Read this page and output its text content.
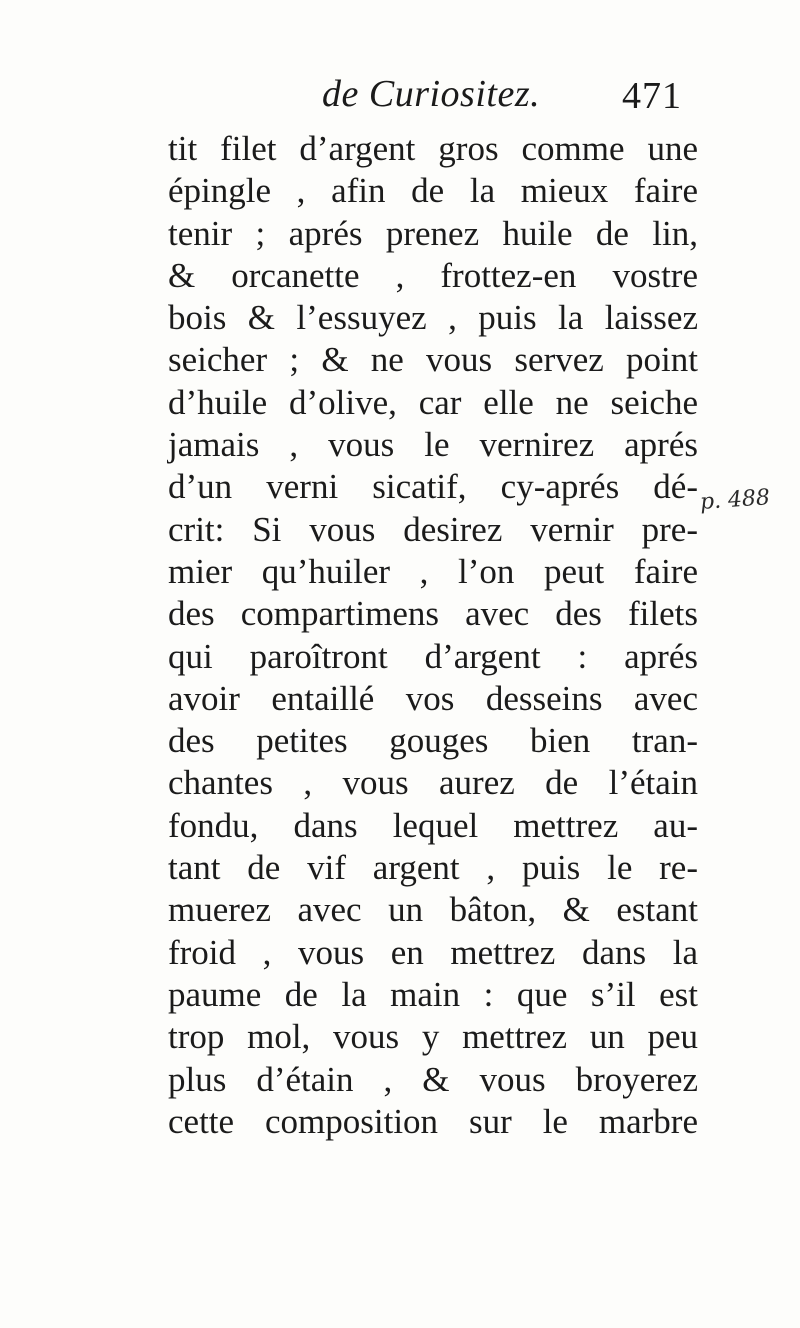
de Curiositez. 471
tit filet d’argent gros comme une
épingle , afin de la mieux faire
tenir ; aprés prenez huile de lin,
& orcanette , frottez-en vostre
bois & l’essuyez , puis la laissez
seicher ; & ne vous servez point
d’huile d’olive, car elle ne seiche
jamais , vous le vernirez aprés
d’un verni sicatif, cy-aprés dé-
crit: Si vous desirez vernir pre-
mier qu’huiler , l’on peut faire
des compartimens avec des filets
qui paroîtront d’argent : aprés
avoir entaillé vos desseins avec
des petites gouges bien tran-
chantes , vous aurez de l’étain
fondu, dans lequel mettrez au-
tant de vif argent , puis le re-
muerez avec un bâton, & estant
froid , vous en mettrez dans la
paume de la main : que s’il est
trop mol, vous y mettrez un peu
plus d’étain , & vous broyerez
cette composition sur le marbre
p. 488
